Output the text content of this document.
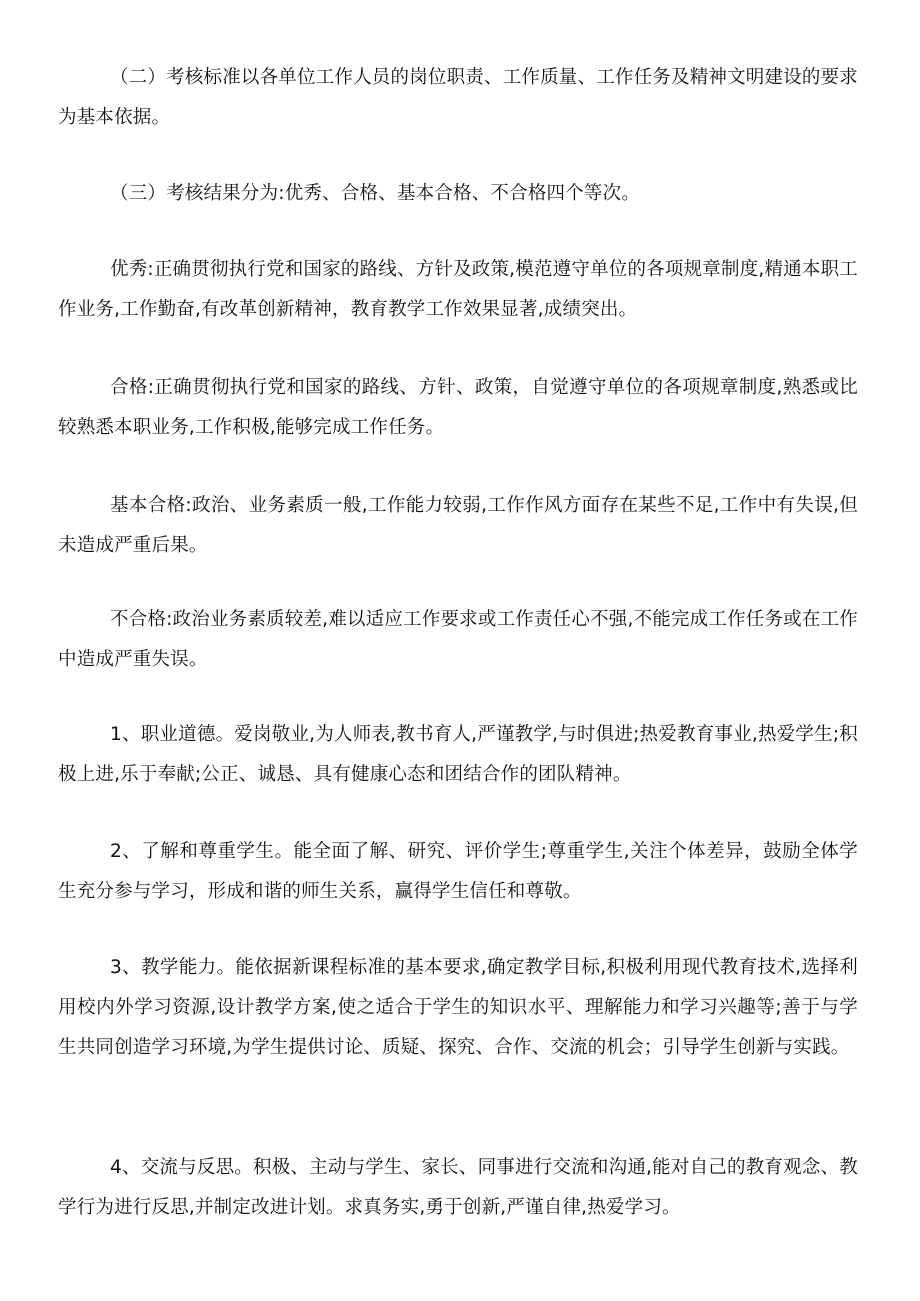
（二）考核标准以各单位工作人员的岗位职责、工作质量、工作任务及精神文明建设的要求为基本依据。

（三）考核结果分为:优秀、合格、基本合格、不合格四个等次。

优秀:正确贯彻执行党和国家的路线、方针及政策,模范遵守单位的各项规章制度,精通本职工作业务,工作勤奋,有改革创新精神，教育教学工作效果显著,成绩突出。

合格:正确贯彻执行党和国家的路线、方针、政策，自觉遵守单位的各项规章制度,熟悉或比较熟悉本职业务,工作积极,能够完成工作任务。

基本合格:政治、业务素质一般,工作能力较弱,工作作风方面存在某些不足,工作中有失误,但未造成严重后果。

不合格:政治业务素质较差,难以适应工作要求或工作责任心不强,不能完成工作任务或在工作中造成严重失误。

1、职业道德。爱岗敬业,为人师表,教书育人,严谨教学,与时俱进;热爱教育事业,热爱学生;积极上进,乐于奉献;公正、诚恳、具有健康心态和团结合作的团队精神。

2、了解和尊重学生。能全面了解、研究、评价学生;尊重学生,关注个体差异，鼓励全体学生充分参与学习，形成和谐的师生关系，赢得学生信任和尊敬。

3、教学能力。能依据新课程标准的基本要求,确定教学目标,积极利用现代教育技术,选择利用校内外学习资源,设计教学方案,使之适合于学生的知识水平、理解能力和学习兴趣等;善于与学生共同创造学习环境,为学生提供讨论、质疑、探究、合作、交流的机会；引导学生创新与实践。

4、交流与反思。积极、主动与学生、家长、同事进行交流和沟通,能对自己的教育观念、教学行为进行反思,并制定改进计划。求真务实,勇于创新,严谨自律,热爱学习。
